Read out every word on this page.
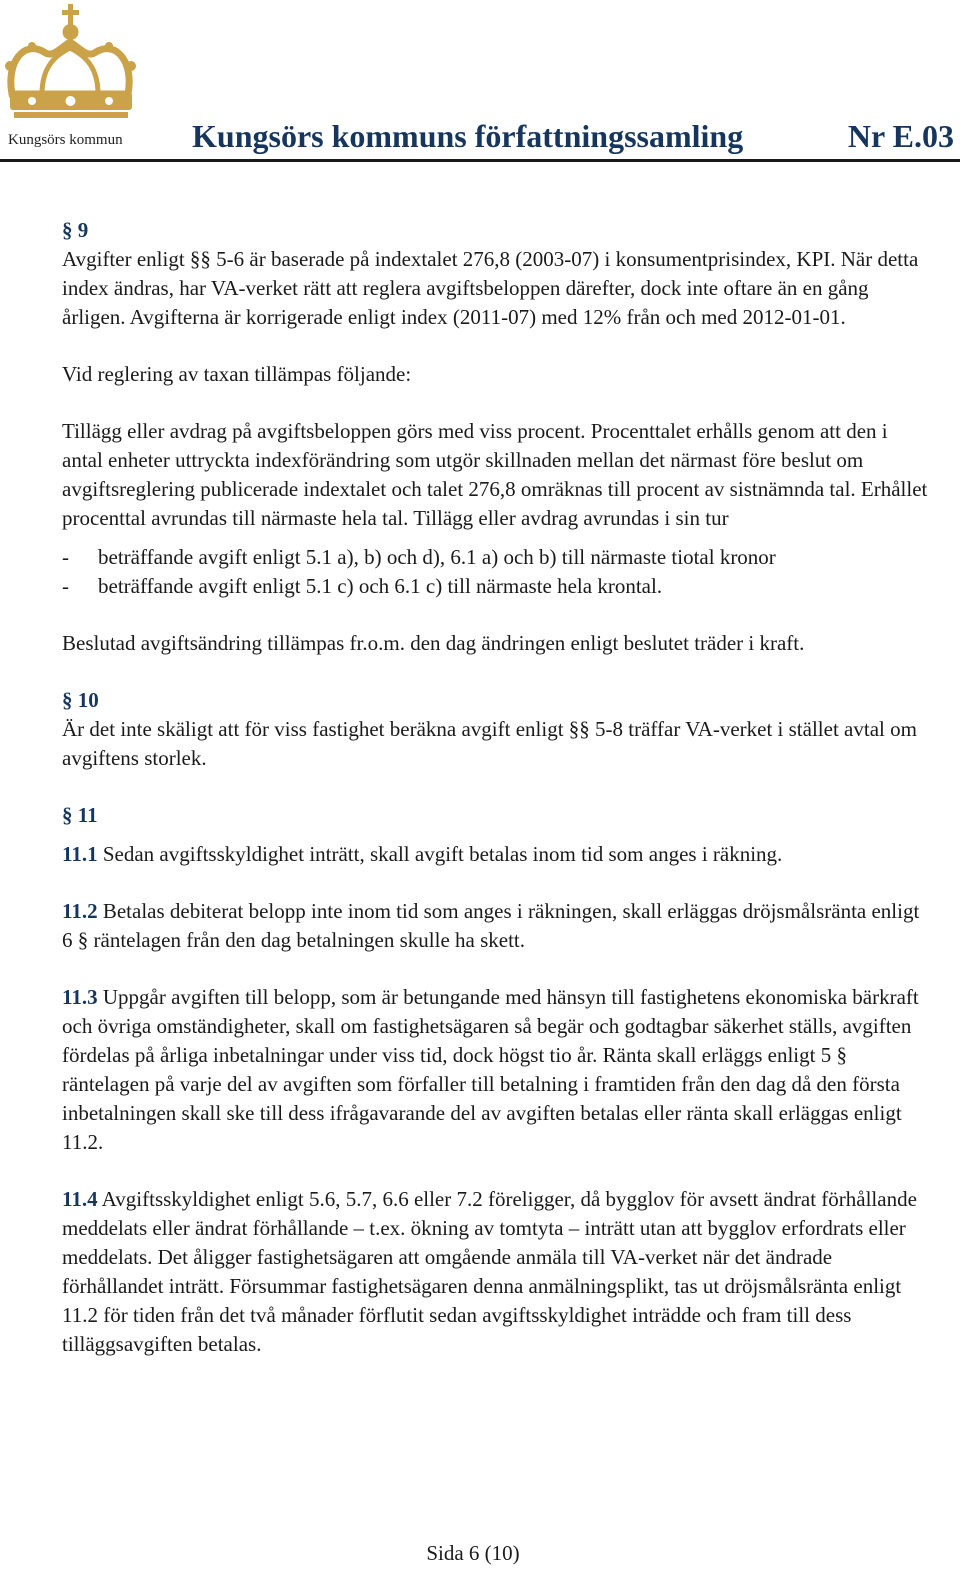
Kungsörs kommun Kungsörs kommuns författningssamling	Nr E.03

§ 9

Avgifter enligt §§ 5-6 är baserade på indextalet 276,8 (2003-07) i konsumentprisindex, KPI. När detta index ändras, har VA-verket rätt att reglera avgiftsbeloppen därefter, dock inte oftare än en gång årligen. Avgifterna är korrigerade enligt index (2011-07) med 12% från och med 2012-01-01.

Vid reglering av taxan tillämpas följande:

Tillägg eller avdrag på avgiftsbeloppen görs med viss procent. Procenttalet erhålls genom att den i antal enheter uttryckta indexförändring som utgör skillnaden mellan det närmast före beslut om avgiftsreglering publicerade indextalet och talet 276,8 omräknas till procent av sistnämnda tal. Erhållet procenttal avrundas till närmaste hela tal. Tillägg eller avdrag avrundas i sin tur

- beträffande avgift enligt 5.1 a), b) och d), 6.1 a) och b) till närmaste tiotal kronor
- beträffande avgift enligt 5.1 c) och 6.1 c) till närmaste hela krontal.

Beslutad avgiftsändring tillämpas fr.o.m. den dag ändringen enligt beslutet träder i kraft.

§ 10

Är det inte skäligt att för viss fastighet beräkna avgift enligt §§ 5-8 träffar VA-verket i stället avtal om avgiftens storlek.

§ 11

11.1 Sedan avgiftsskyldighet inträtt, skall avgift betalas inom tid som anges i räkning.

11.2 Betalas debiterat belopp inte inom tid som anges i räkningen, skall erläggas dröjsmålsränta enligt 6 § räntelagen från den dag betalningen skulle ha skett.

11.3 Uppgår avgiften till belopp, som är betungande med hänsyn till fastighetens ekonomiska bärkraft och övriga omständigheter, skall om fastighetsägaren så begär och godtagbar säkerhet ställs, avgiften fördelas på årliga inbetalningar under viss tid, dock högst tio år. Ränta skall erläggs enligt 5 § räntelagen på varje del av avgiften som förfaller till betalning i framtiden från den dag då den första inbetalningen skall ske till dess ifrågavarande del av avgiften betalas eller ränta skall erläggas enligt 11.2.

11.4 Avgiftsskyldighet enligt 5.6, 5.7, 6.6 eller 7.2 föreligger, då bygglov för avsett ändrat förhållande meddelats eller ändrat förhållande – t.ex. ökning av tomtyta – inträtt utan att bygglov erfordrats eller meddelats. Det åligger fastighetsägaren att omgående anmäla till VA-verket när det ändrade förhållandet inträtt. Försummar fastighetsägaren denna anmälningsplikt, tas ut dröjsmålsränta enligt 11.2 för tiden från det två månader förflutit sedan avgiftsskyldighet inträdde och fram till dess tilläggsavgiften betalas.

Sida 6 (10)
